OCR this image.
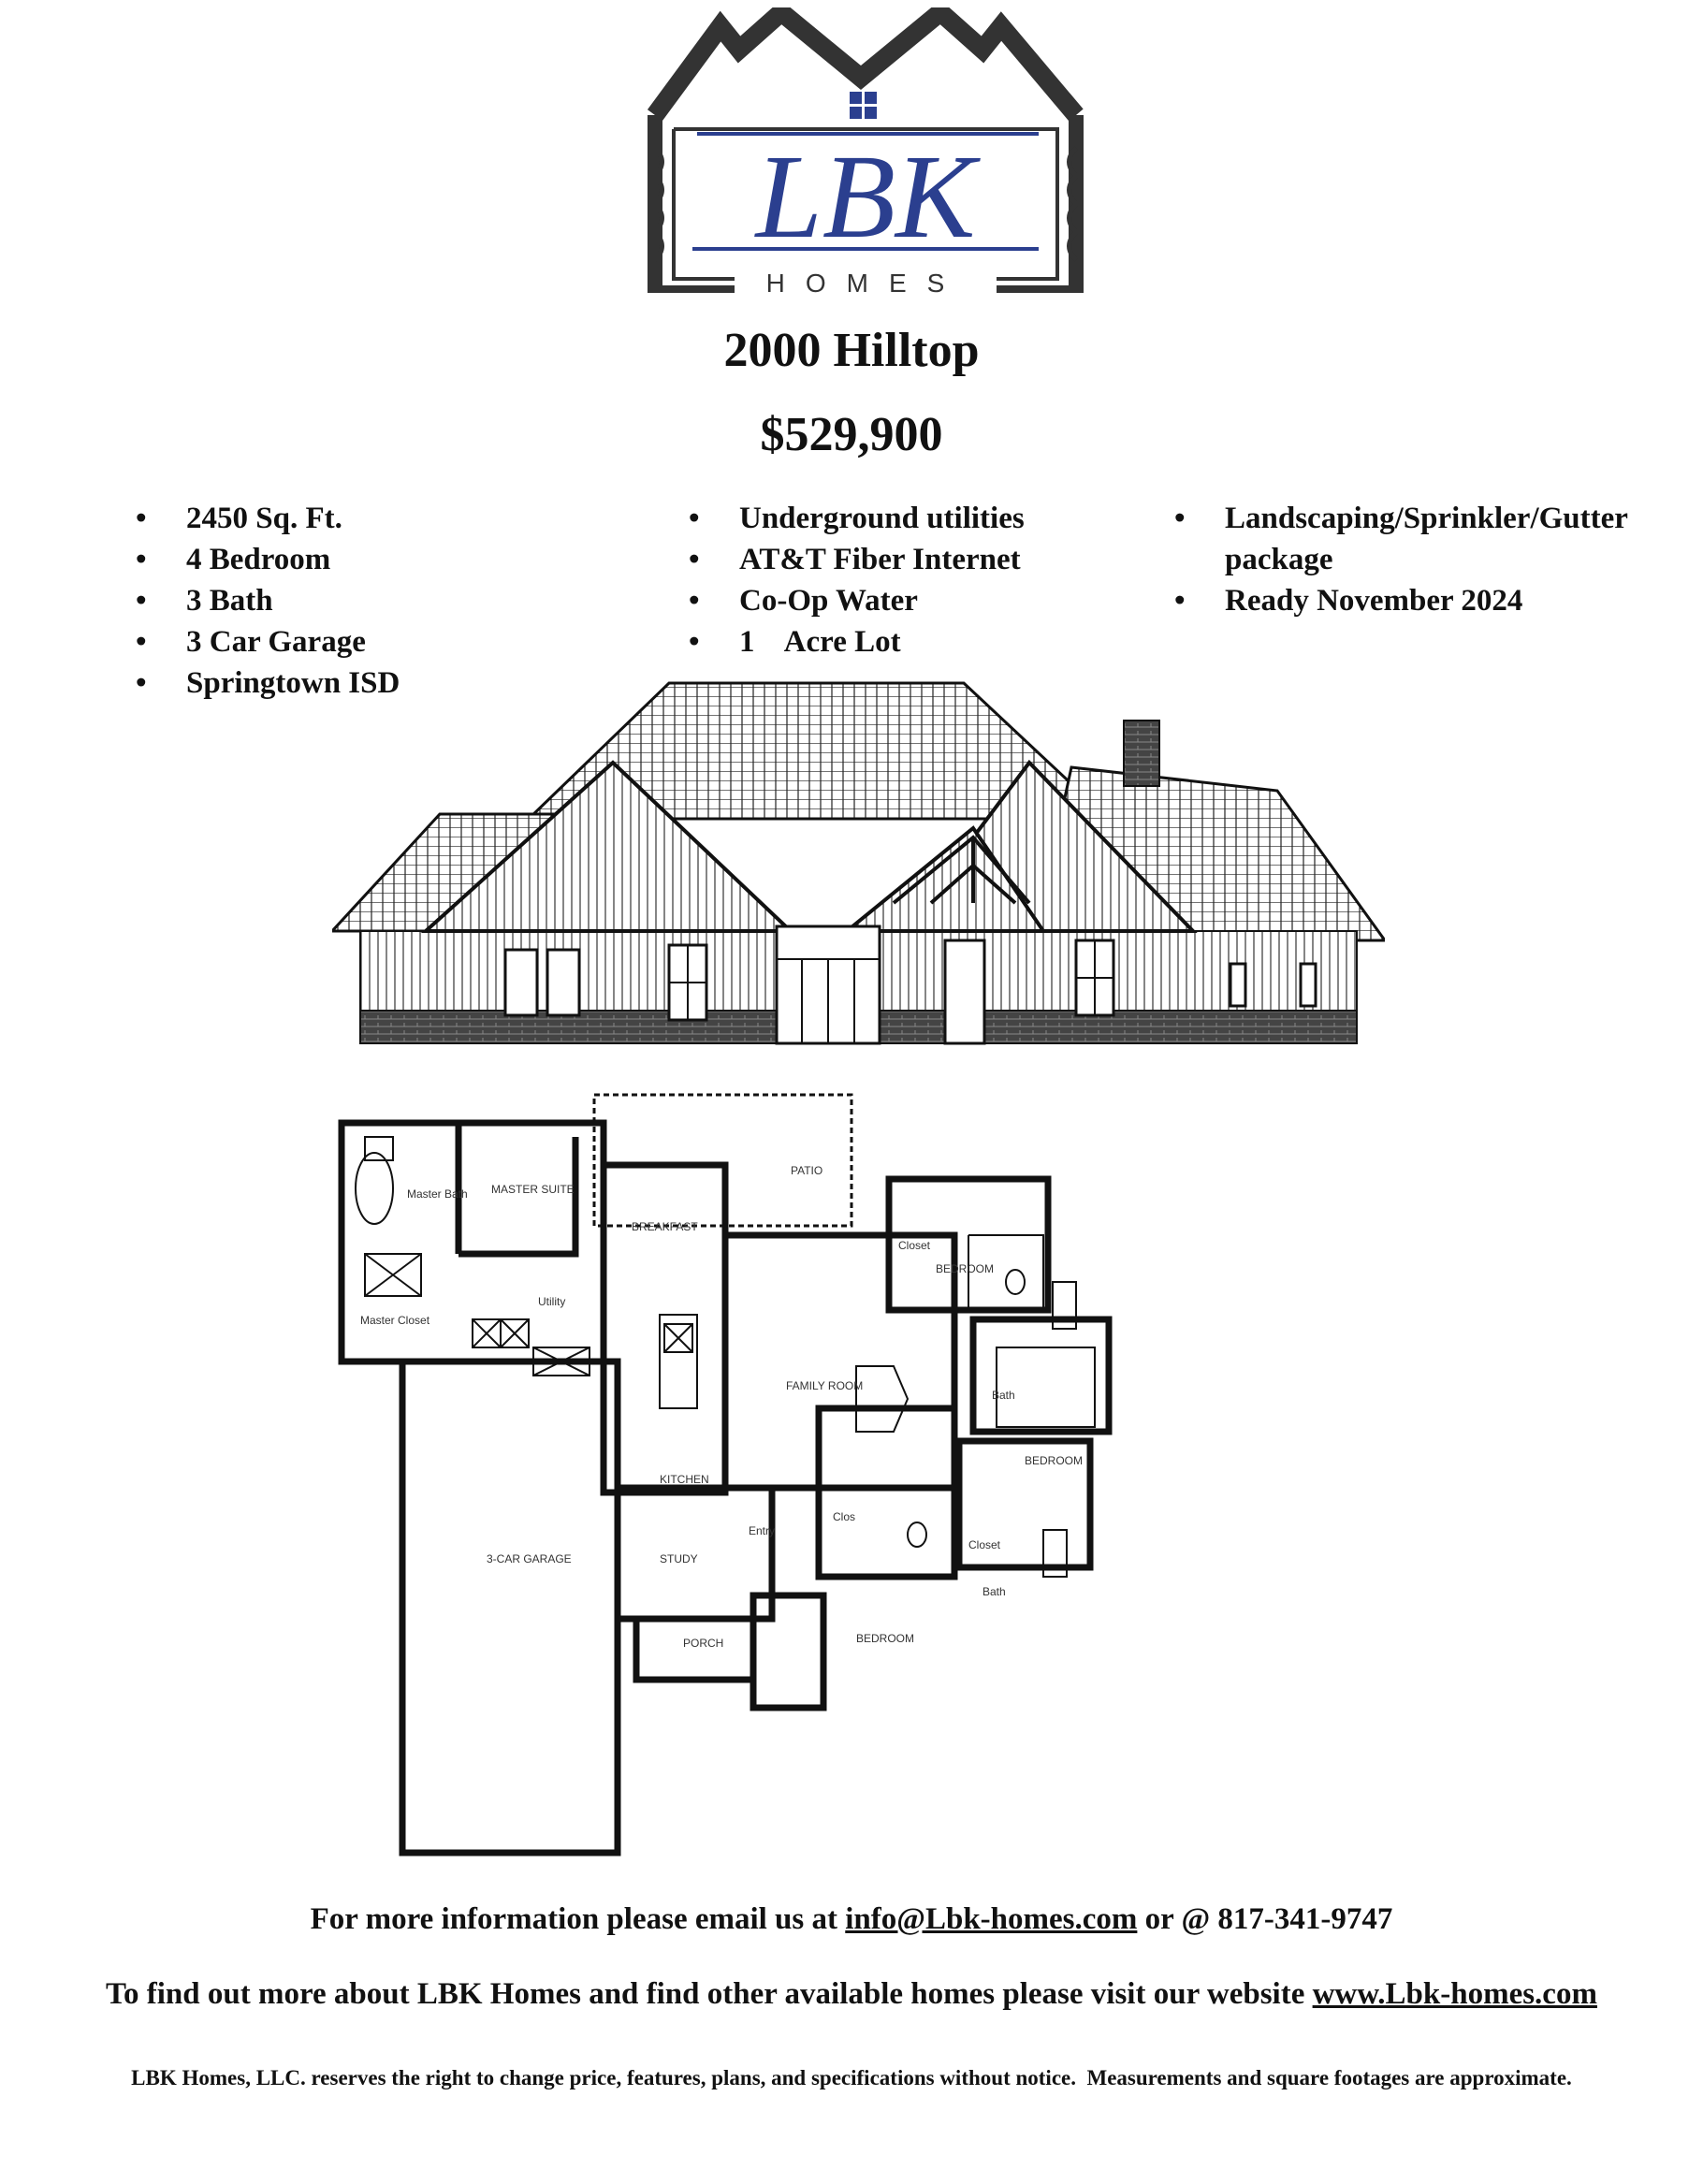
LBK
HOMES
2000 Hilltop
$529,900
• 2450 Sq. Ft.
• 4 Bedroom
• 3 Bath
• 3 Car Garage
• Springtown ISD
• Underground utilities
• AT&T Fiber Internet
• Co-Op Water
• 1    Acre Lot
• Landscaping/Sprinkler/Gutter package
• Ready November 2024
Master Bath MASTER SUITE
Master Closet
Utility
PATIO
BREAKFAST
FAMILY ROOM
KITCHEN
Closet
BEDROOM
Bath
BEDROOM
Clos
Closet
Bath
BEDROOM
3-CAR GARAGE	STUDY
Entry
PORCH
For more information please email us at info@Lbk-homes.com or @ 817-341-9747
To find out more about LBK Homes and find other available homes please visit our website www.Lbk-homes.com
LBK Homes, LLC. reserves the right to change price, features, plans, and specifications without notice.  Measurements and square footages are approximate.
